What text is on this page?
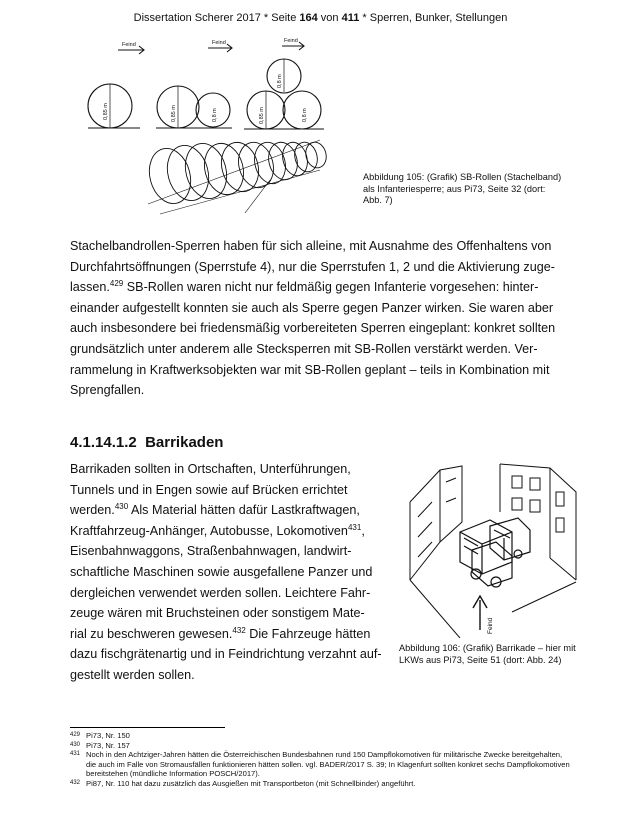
Dissertation Scherer 2017 * Seite 164 von 411 * Sperren, Bunker, Stellungen
Feind	Feind	Feind
0,85 m	0,85 m	0,8 m	0,85 m
0,8 m
0,8 m
Abbildung 105: (Grafik) SB-Rollen (Stachelband) als Infanteriesperre; aus Pi73, Seite 32 (dort: Abb. 7)
Stachelbandrollen-Sperren haben für sich alleine, mit Ausnahme des Offenhaltens von
Durchfahrtsöffnungen (Sperrstufe 4), nur die Sperrstufen 1, 2 und die Aktivierung zuge-
lassen.$^{429}$ SB-Rollen waren nicht nur feldmäßig gegen Infanterie vorgesehen: hinter-
einander aufgestellt konnten sie auch als Sperre gegen Panzer wirken. Sie waren aber
auch insbesondere bei friedensmäßig vorbereiteten Sperren eingeplant: konkret sollten
grundsätzlich unter anderem alle Stecksperren mit SB-Rollen verstärkt werden. Ver-
rammelung in Kraftwerksobjekten war mit SB-Rollen geplant – teils in Kombination mit
Sprengfallen.
4.1.14.1.2 Barrikaden
Barrikaden sollten in Ortschaften, Unterführungen,
Tunnels und in Engen sowie auf Brücken errichtet
werden.$^{430}$ Als Material hätten dafür Lastkraftwagen,
Kraftfahrzeug-Anhänger, Autobusse, Lokomotiven$^{431}$,
Eisenbahnwaggons, Straßenbahnwagen, landwirt-
schaftliche Maschinen sowie ausgefallene Panzer und
dergleichen verwendet werden sollen. Leichtere Fahr-
zeuge wären mit Bruchsteinen oder sonstigem Mate-
rial zu beschweren gewesen.$^{432}$ Die Fahrzeuge hätten
dazu fischgrätenartig und in Feindrichtung verzahnt auf-
gestellt werden sollen.
Feind
Abbildung 106: (Grafik) Barrikade – hier mit LKWs aus Pi73, Seite 51 (dort: Abb. 24)
429 Pi73, Nr. 150
430 Pi73, Nr. 157
431 Noch in den Achtziger-Jahren hätten die Österreichischen Bundesbahnen rund 150 Dampflokomotiven für militärische Zwecke bereitgehalten, die auch im Falle von Stromausfällen funktionieren hätten sollen. vgl. BADER/2017 S. 39; In Klagenfurt sollten konkret sechs Dampflokomotiven bereitstehen (mündliche Information POSCH/2017).
432 Pi87, Nr. 110 hat dazu zusätzlich das Ausgießen mit Transportbeton (mit Schnellbinder) angeführt.
